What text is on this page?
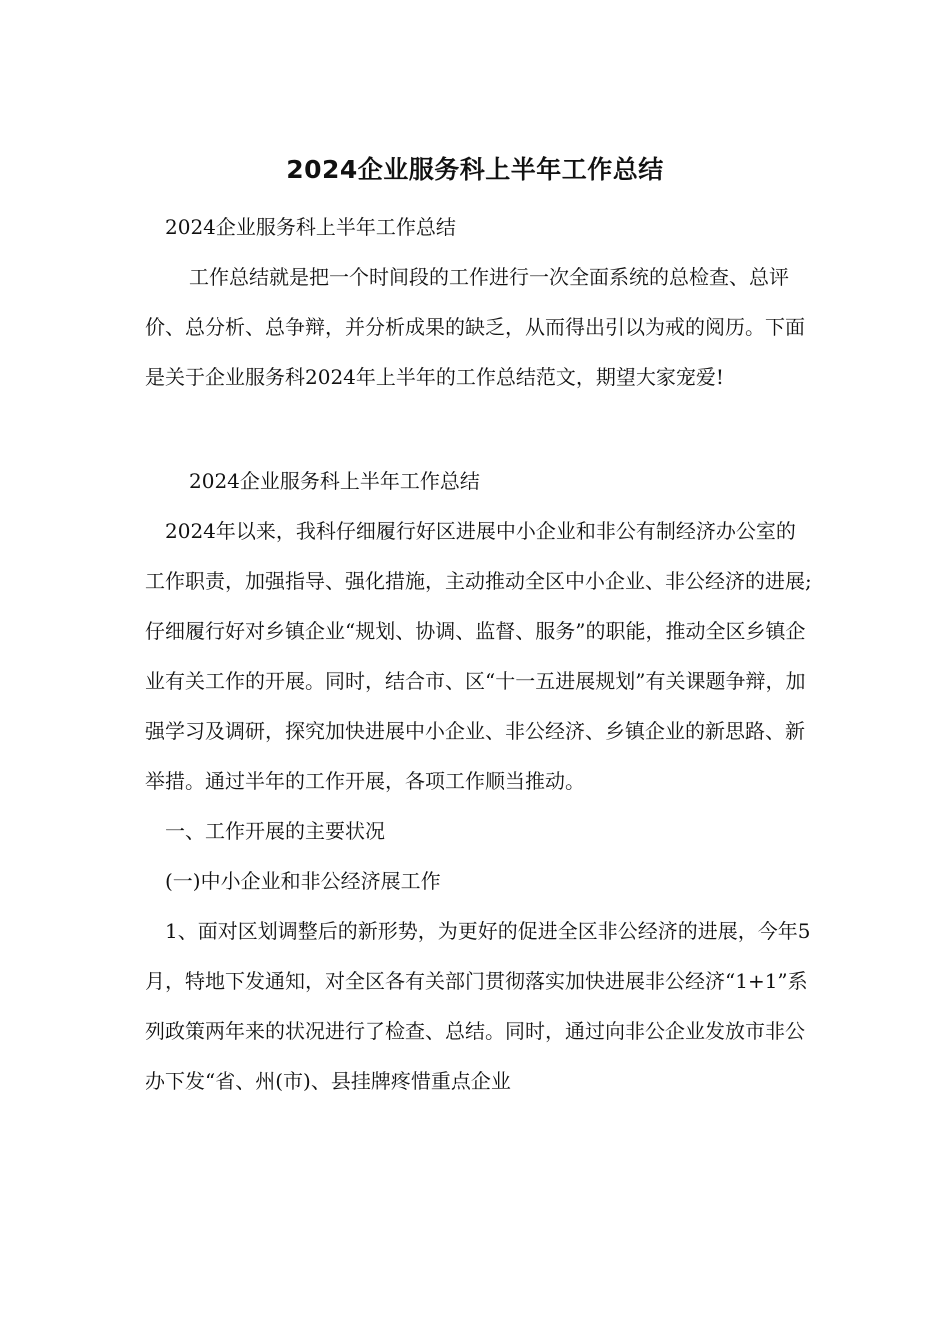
2024企业服务科上半年工作总结

2024企业服务科上半年工作总结

工作总结就是把一个时间段的工作进行一次全面系统的总检查、总评价、总分析、总争辩，并分析成果的缺乏，从而得出引以为戒的阅历。下面是关于企业服务科2024年上半年的工作总结范文，期望大家宠爱!

2024企业服务科上半年工作总结

2024年以来，我科仔细履行好区进展中小企业和非公有制经济办公室的工作职责，加强指导、强化措施，主动推动全区中小企业、非公经济的进展;仔细履行好对乡镇企业“规划、协调、监督、服务”的职能，推动全区乡镇企业有关工作的开展。同时，结合市、区“十一五进展规划”有关课题争辩，加强学习及调研，探究加快进展中小企业、非公经济、乡镇企业的新思路、新举措。通过半年的工作开展，各项工作顺当推动。

一、工作开展的主要状况

(一)中小企业和非公经济展工作

1、面对区划调整后的新形势，为更好的促进全区非公经济的进展，今年5月，特地下发通知，对全区各有关部门贯彻落实加快进展非公经济“1+1”系列政策两年来的状况进行了检查、总结。同时，通过向非公企业发放市非公办下发“省、州(市)、县挂牌疼惜重点企业
